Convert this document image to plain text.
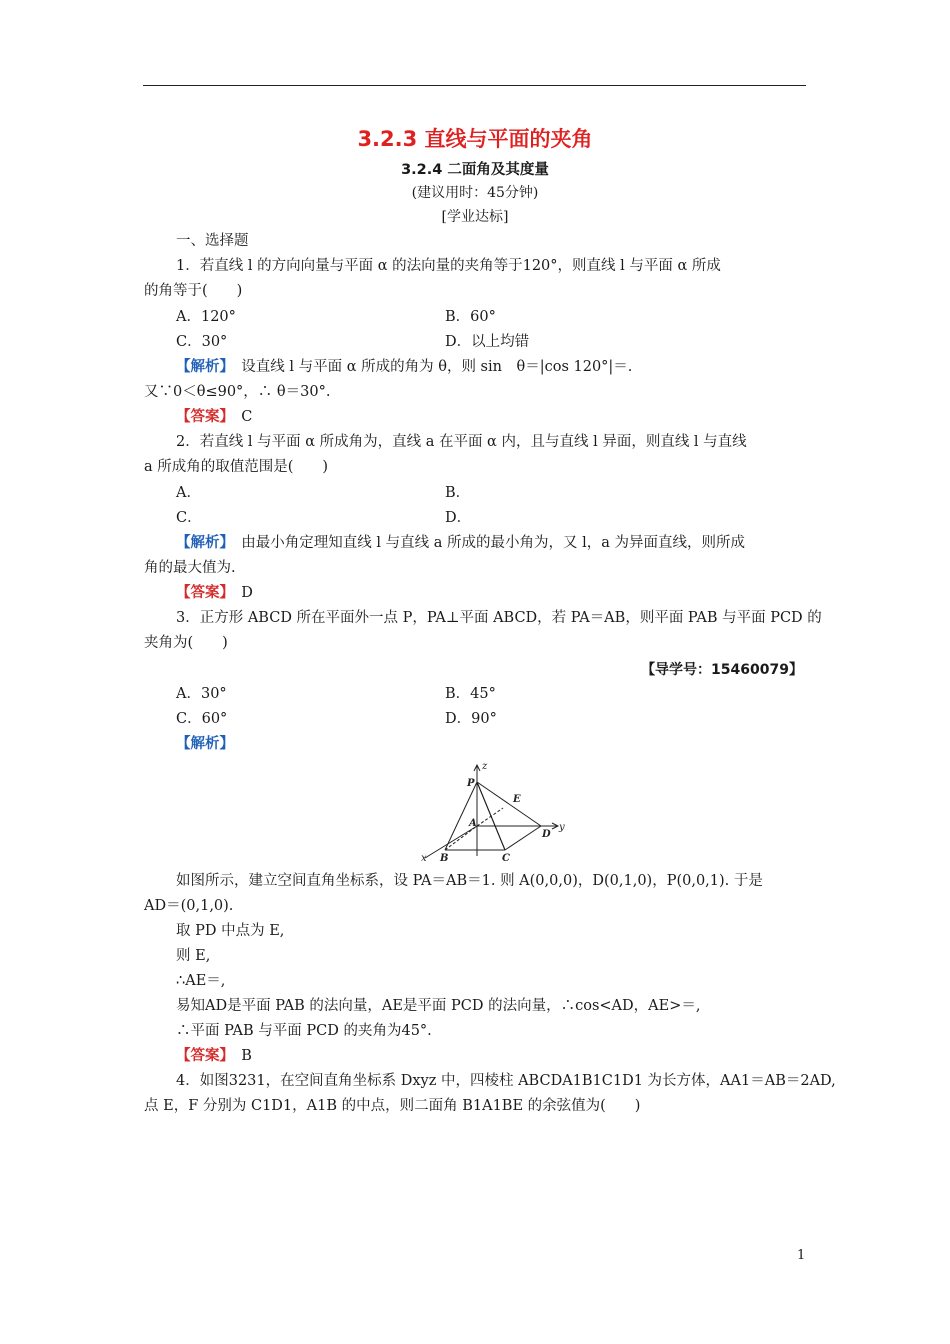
3.2.3 直线与平面的夹角
3.2.4 二面角及其度量
(建议用时：45分钟)
[学业达标]
一、选择题
1．若直线 l 的方向向量与平面 α 的法向量的夹角等于120°，则直线 l 与平面 α 所成
的角等于(　　)
A．120°	B．60°
C．30°	D．以上均错
【解析】　设直线 l 与平面 α 所成的角为 θ，则 sin　θ＝|cos 120°|＝.
又∵0＜θ≤90°，∴ θ＝30°.
【答案】　C
2．若直线 l 与平面 α 所成角为，直线 a 在平面 α 内，且与直线 l 异面，则直线 l 与直线
a 所成角的取值范围是(　　)
A．	B．
C．	D．
【解析】　由最小角定理知直线 l 与直线 a 所成的最小角为，又 l，a 为异面直线，则所成
角的最大值为.
【答案】　D
3．正方形 ABCD 所在平面外一点 P，PA⊥平面 ABCD，若 PA＝AB，则平面 PAB 与平面 PCD 的
夹角为(　　)
【导学号：15460079】
A．30°	B．45°
C．60°	D．90°
【解析】
z
y
x
P
E
A
D
B	C
如图所示，建立空间直角坐标系，设 PA＝AB＝1. 则 A(0,0,0)，D(0,1,0)，P(0,0,1). 于是
AD＝(0,1,0).
取 PD 中点为 E,
则 E,
∴AE＝,
易知AD是平面 PAB 的法向量，AE是平面 PCD 的法向量，∴cos<AD，AE>＝,
∴平面 PAB 与平面 PCD 的夹角为45°.
【答案】　B
4．如图3231，在空间直角坐标系 Dxyz 中，四棱柱 ABCDA1B1C1D1 为长方体，AA1＝AB＝2AD,
点 E，F 分别为 C1D1，A1B 的中点，则二面角 B1A1BE 的余弦值为(　　)
1
